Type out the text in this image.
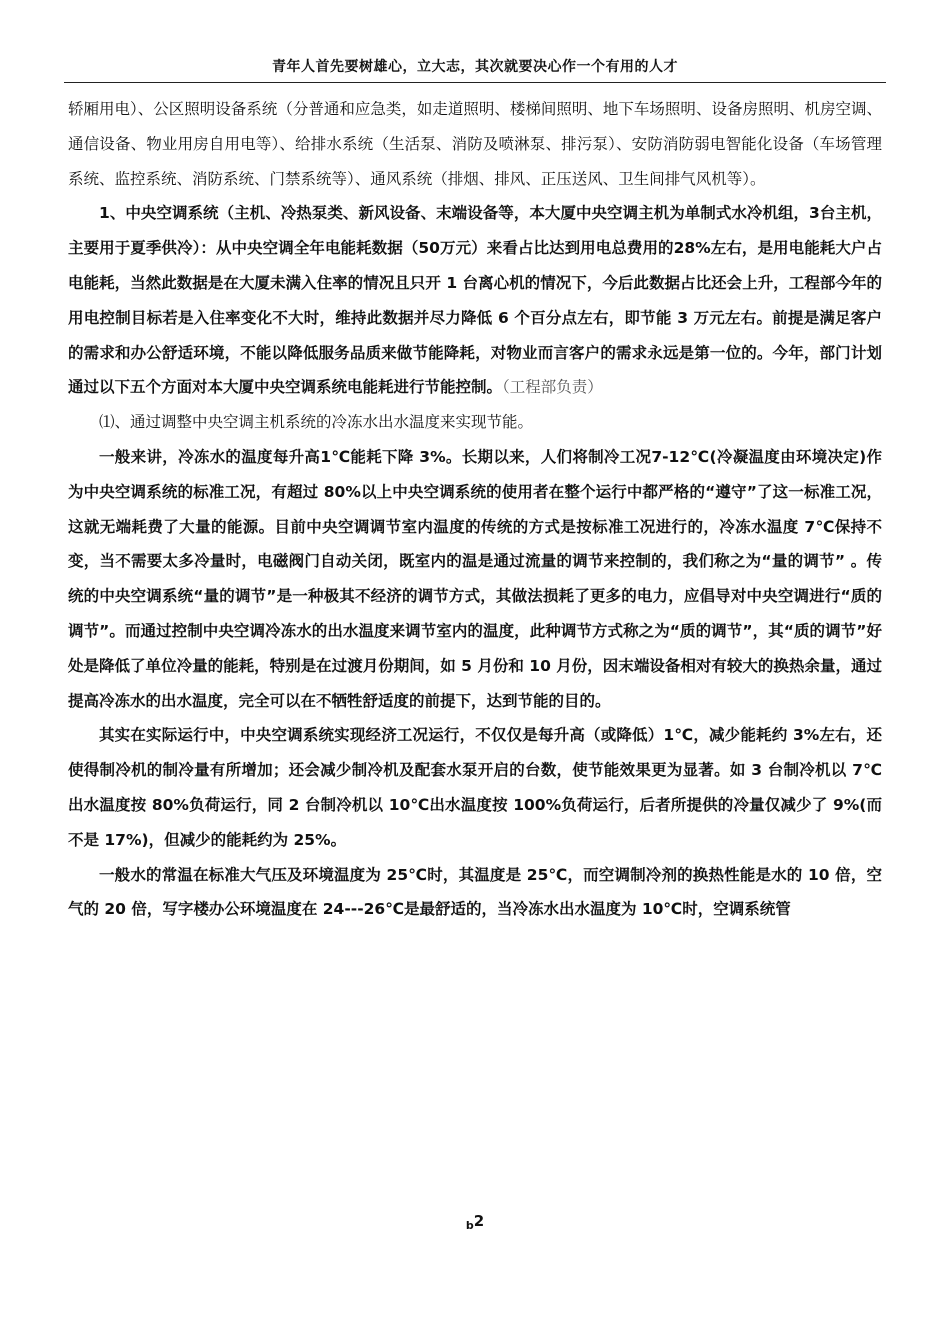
青年人首先要树雄心，立大志，其次就要决心作一个有用的人才

轿厢用电）、公区照明设备系统（分普通和应急类，如走道照明、楼梯间照明、地下车场照明、设备房照明、机房空调、通信设备、物业用房自用电等）、给排水系统（生活泵、消防及喷淋泵、排污泵）、安防消防弱电智能化设备（车场管理系统、监控系统、消防系统、门禁系统等）、通风系统（排烟、排风、正压送风、卫生间排气风机等）。

1、中央空调系统（主机、冷热泵类、新风设备、末端设备等，本大厦中央空调主机为单制式水冷机组，3台主机，主要用于夏季供冷）：从中央空调全年电能耗数据（50万元）来看占比达到用电总费用的28%左右，是用电能耗大户占电能耗，当然此数据是在大厦未满入住率的情况且只开 1 台离心机的情况下，今后此数据占比还会上升，工程部今年的用电控制目标若是入住率变化不大时，维持此数据并尽力降低 6 个百分点左右，即节能 3 万元左右。前提是满足客户的需求和办公舒适环境，不能以降低服务品质来做节能降耗，对物业而言客户的需求永远是第一位的。今年，部门计划通过以下五个方面对本大厦中央空调系统电能耗进行节能控制。（工程部负责）

⑴、通过调整中央空调主机系统的冷冻水出水温度来实现节能。

一般来讲，冷冻水的温度每升高1℃能耗下降 3%。长期以来，人们将制冷工况7-12℃(冷凝温度由环境决定)作为中央空调系统的标准工况，有超过 80%以上中央空调系统的使用者在整个运行中都严格的“遵守”了这一标准工况，这就无端耗费了大量的能源。目前中央空调调节室内温度的传统的方式是按标准工况进行的，冷冻水温度 7℃保持不变，当不需要太多冷量时，电磁阀门自动关闭，既室内的温是通过流量的调节来控制的，我们称之为“量的调节” 。传统的中央空调系统“量的调节”是一种极其不经济的调节方式，其做法损耗了更多的电力，应倡导对中央空调进行“质的调节”。而通过控制中央空调冷冻水的出水温度来调节室内的温度，此种调节方式称之为“质的调节”，其“质的调节”好处是降低了单位冷量的能耗，特别是在过渡月份期间，如 5 月份和 10 月份，因末端设备相对有较大的换热余量，通过提高冷冻水的出水温度，完全可以在不牺牲舒适度的前提下，达到节能的目的。

其实在实际运行中，中央空调系统实现经济工况运行，不仅仅是每升高（或降低）1℃，减少能耗约 3%左右，还使得制冷机的制冷量有所增加；还会减少制冷机及配套水泵开启的台数，使节能效果更为显著。如 3 台制冷机以 7℃出水温度按 80%负荷运行，同 2 台制冷机以 10℃出水温度按 100%负荷运行，后者所提供的冷量仅减少了 9%(而不是 17%)，但减少的能耗约为 25%。

一般水的常温在标准大气压及环境温度为 25℃时，其温度是 25℃，而空调制冷剂的换热性能是水的 10 倍，空气的 20 倍，写字楼办公环境温度在 24---26℃是最舒适的，当冷冻水出水温度为 10℃时，空调系统管

$_b$2
